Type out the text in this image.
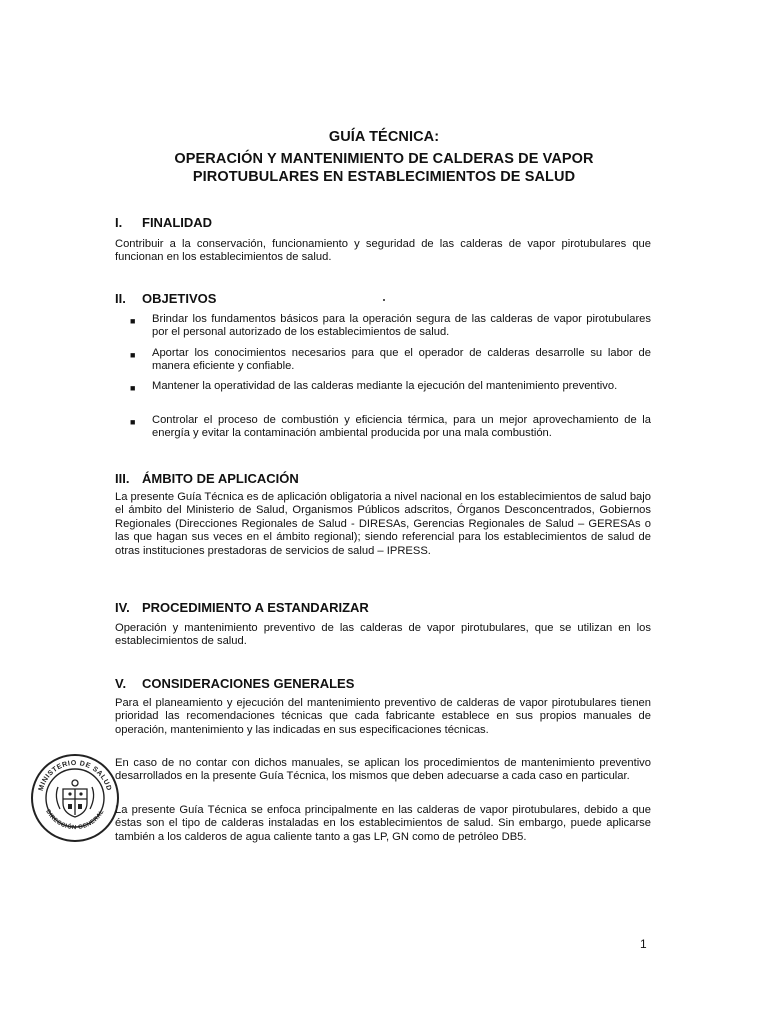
GUÍA TÉCNICA:
OPERACIÓN Y MANTENIMIENTO DE CALDERAS DE VAPOR
PIROTUBULARES EN ESTABLECIMIENTOS DE SALUD
I. FINALIDAD

Contribuir a la conservación, funcionamiento y seguridad de las calderas de vapor pirotubulares que funcionan en los establecimientos de salud.

II. OBJETIVOS
■ Brindar los fundamentos básicos para la operación segura de las calderas de vapor pirotubulares por el personal autorizado de los establecimientos de salud.
■ Aportar los conocimientos necesarios para que el operador de calderas desarrolle su labor de manera eficiente y confiable.
■ Mantener la operatividad de las calderas mediante la ejecución del mantenimiento preventivo.
■ Controlar el proceso de combustión y eficiencia térmica, para un mejor aprovechamiento de la energía y evitar la contaminación ambiental producida por una mala combustión.
III. ÁMBITO DE APLICACIÓN

La presente Guía Técnica es de aplicación obligatoria a nivel nacional en los establecimientos de salud bajo el ámbito del Ministerio de Salud, Organismos Públicos adscritos, Órganos Desconcentrados, Gobiernos Regionales (Direcciones Regionales de Salud - DIRESAs, Gerencias Regionales de Salud – GERESAs o las que hagan sus veces en el ámbito regional); siendo referencial para los establecimientos de salud de otras instituciones prestadoras de servicios de salud – IPRESS.

IV. PROCEDIMIENTO A ESTANDARIZAR

Operación y mantenimiento preventivo de las calderas de vapor pirotubulares, que se utilizan en los establecimientos de salud.

V. CONSIDERACIONES GENERALES

Para el planeamiento y ejecución del mantenimiento preventivo de calderas de vapor pirotubulares tienen prioridad las recomendaciones técnicas que cada fabricante establece en sus propios manuales de operación, mantenimiento y las indicadas en sus especificaciones técnicas.

En caso de no contar con dichos manuales, se aplican los procedimientos de mantenimiento preventivo desarrollados en la presente Guía Técnica, los mismos que deben adecuarse a cada caso en particular.

La presente Guía Técnica se enfoca principalmente en las calderas de vapor pirotubulares, debido a que éstas son el tipo de calderas instaladas en los establecimientos de salud. Sin embargo, puede aplicarse también a los calderos de agua caliente tanto a gas LP, GN como de petróleo DB5.

MINISTERIO DE SALUD
DIRECCIÓN GENERAL
1
